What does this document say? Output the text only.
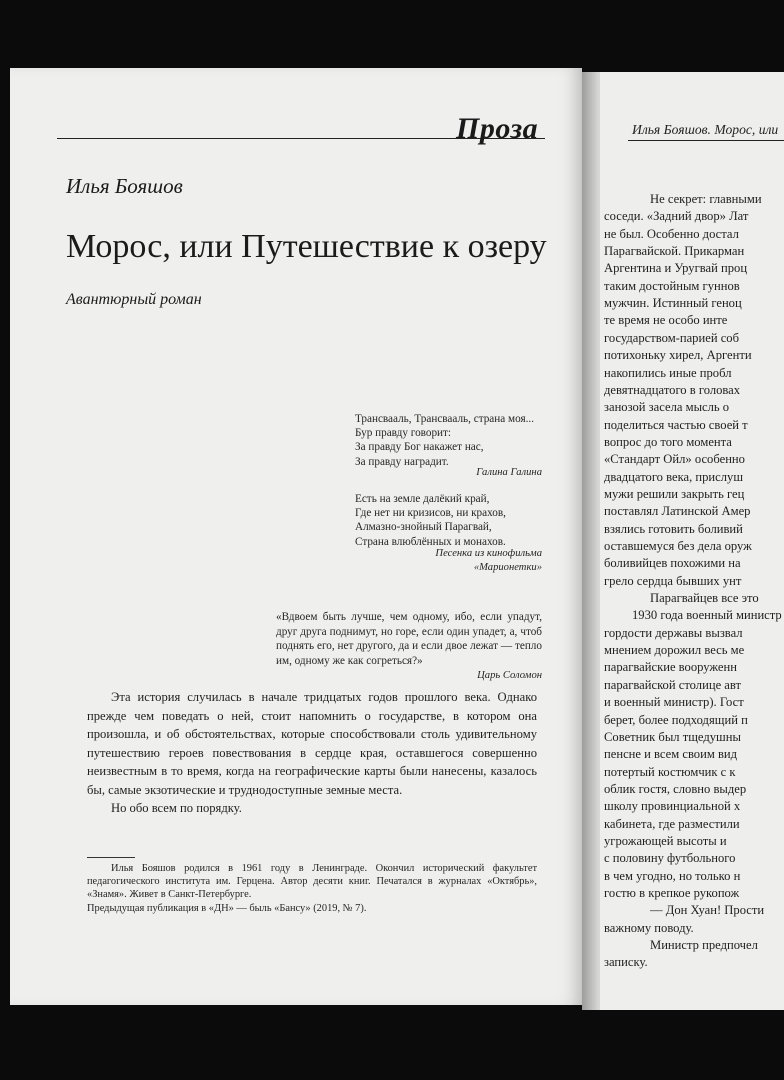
Проза
Илья Бояшов
Морос, или Путешествие к озеру
Авантюрный роман
Трансвааль, Трансвааль, страна моя...
Бур правду говорит:
За правду Бог накажет нас,
За правду наградит.
Галина Галина
Есть на земле далёкий край,
Где нет ни кризисов, ни крахов,
Алмазно-знойный Парагвай,
Страна влюблённых и монахов.
Песенка из кинофильма
«Марионетки»
«Вдвоем быть лучше, чем одному, ибо, если упадут, друг друга поднимут, но горе, если один упадет, а, чтоб поднять его, нет другого, да и если двое лежат — тепло им, одному же как согреться?»
Царь Соломон

Эта история случилась в начале тридцатых годов прошлого века. Однако прежде чем поведать о ней, стоит напомнить о государстве, в котором она произошла, и об обстоятельствах, которые способствовали столь удивительному путешествию героев повествования в сердце края, оставшегося совершенно неизвестным в то время, когда на географические карты были нанесены, казалось бы, самые экзотические и труднодоступные земные места.

Но обо всем по порядку.

Илья Бояшов родился в 1961 году в Ленинграде. Окончил исторический факультет педагогического института им. Герцена. Автор десяти книг. Печатался в журналах «Октябрь», «Знамя». Живет в Санкт-Петербурге.

Предыдущая публикация в «ДН» — быль «Бансу» (2019, № 7).

Илья Бояшов. Морос, или
Не секрет: главными
соседи. «Задний двор» Лат
не был. Особенно достал
Парагвайской. Прикарман
Аргентина и Уругвай проц
таким достойным гуннов
мужчин. Истинный геноц
те время не особо инте
государством-парией соб
потихоньку хирел, Аргенти
накопились иные пробл
девятнадцатого в головах
занозой засела мысль о
поделиться частью своей т
вопрос до того момента
«Стандарт Ойл» особенно
двадцатого века, прислуш
мужи решили закрыть гец
поставлял Латинской Амер
взялись готовить боливий
оставшемуся без дела оруж
боливийцев похожими на
грело сердца бывших унт
Парагвайцев все это
1930 года военный министр
гордости державы вызвал
мнением дорожил весь ме
парагвайские вооруженн
парагвайской столице авт
и военный министр). Гост
берет, более подходящий п
Советник был тщедушны
пенсне и всем своим вид
потертый костюмчик с к
облик гостя, словно выдер
школу провинциальной х
кабинета, где разместили
угрожающей высоты и
с половину футбольного
в чем угодно, но только н
гостю в крепкое рукопож
— Дон Хуан! Прости
важному поводу.
Министр предпочел
записку.
